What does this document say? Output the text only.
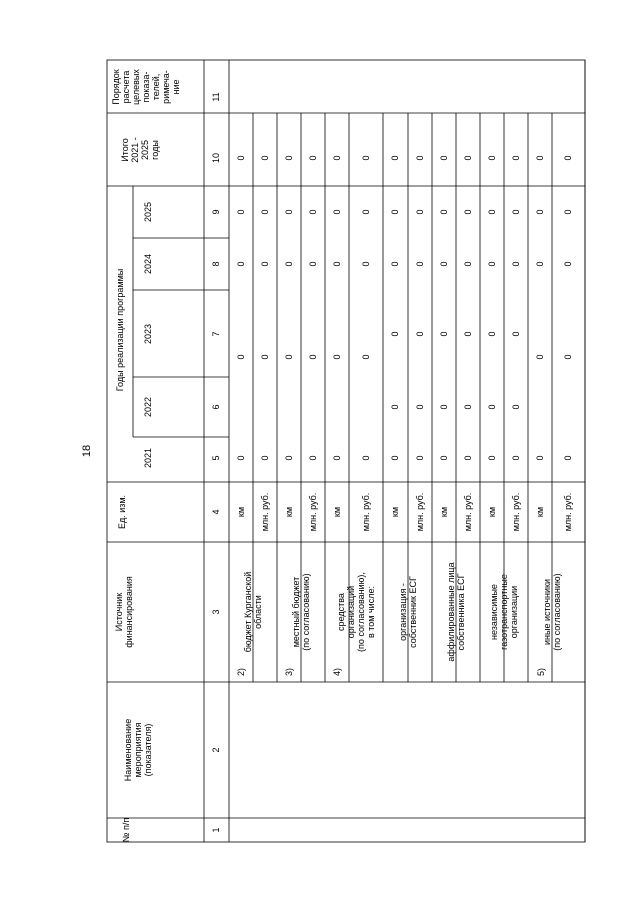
18
№ п/п
Наименование
мероприятия
(показателя)
Источник
финансирования
Ед. изм.
Годы реализации программы
2021
2022
2023
2024
2025
Итого
2021 -
2025
годы
Порядок
расчета
целевых
показа-
телей,
римеча-
ние
1
2
3
4
5
6
7
8
9
10
11
2)
бюджет Курганской
области
3)
местный бюджет
(по согласованию)
4)
средства
организаций
(по согласованию),
в том числе: организация -
собственник ЕСГ
аффилированные лица
собственника ЕСГ
независимые
газотранспортные
организации
5)
иные источники
(по согласованию)
км
0
0
0
0
0
млн. руб.
0
0
0
0
0
км
0
0
0
0
0
млн. руб.
0
0
0
0
0
км
0
0
0
0
0
млн. руб.
0
0
0
0
0
км
0
0
0
0
0
0
млн. руб.
0
0
0
0
0
0
км
0
0
0
0
0
0
млн. руб.
0
0
0
0
0
0
км
0
0
0
0
0
0
млн. руб.
0
0
0
0
0
0
км
0
0
0
0
0
млн. руб.
0
0
0
0
0
